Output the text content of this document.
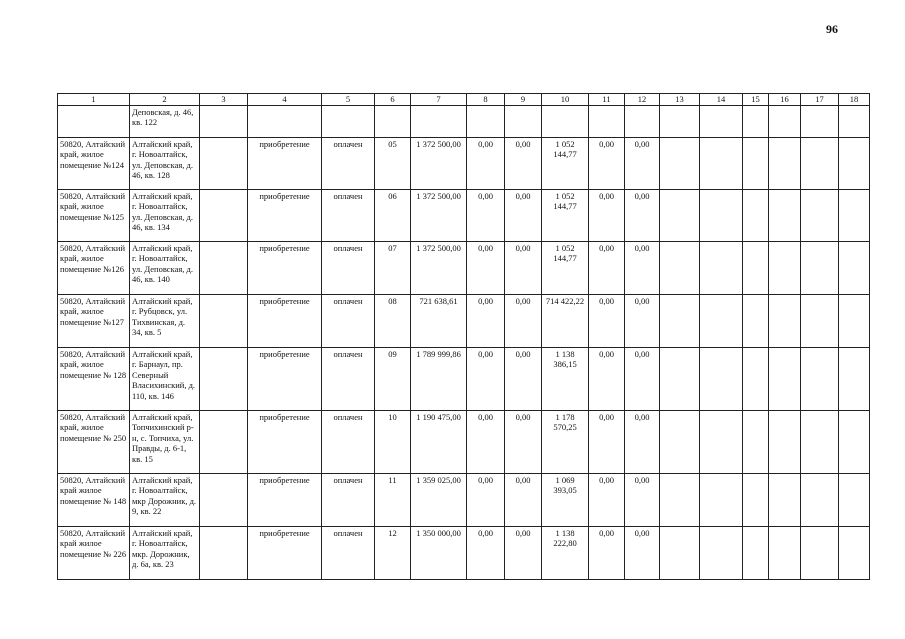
96
1	2	3	4	5	6	7	8	9	10	11	12	13	14	15	16	17	18
	Деповская, д. 46, кв. 122																
50820, Алтайский край, жилое помещение №124	Алтайский край, г. Новоалтайск, ул. Деповская, д. 46, кв. 128		приобретение	оплачен	05	1 372 500,00	0,00	0,00	1 052 144,77	0,00	0,00						
50820, Алтайский край, жилое помещение №125	Алтайский край, г. Новоалтайск, ул. Деповская, д. 46, кв. 134		приобретение	оплачен	06	1 372 500,00	0,00	0,00	1 052 144,77	0,00	0,00						
50820, Алтайский край, жилое помещение №126	Алтайский край, г. Новоалтайск, ул. Деповская, д. 46, кв. 140		приобретение	оплачен	07	1 372 500,00	0,00	0,00	1 052 144,77	0,00	0,00						
50820, Алтайский край, жилое помещение №127	Алтайский край, г. Рубцовск, ул. Тихвинская, д. 34, кв. 5		приобретение	оплачен	08	721 638,61	0,00	0,00	714 422,22	0,00	0,00						
50820, Алтайский край, жилое помещение № 128	Алтайский край, г. Барнаул, пр. Северный Власихинский, д. 110, кв. 146		приобретение	оплачен	09	1 789 999,86	0,00	0,00	1 138 386,15	0,00	0,00						
50820, Алтайский край, жилое помещение № 250	Алтайский край, Топчихинский р-н, с. Топчиха, ул. Правды, д. 6-1, кв. 15		приобретение	оплачен	10	1 190 475,00	0,00	0,00	1 178 570,25	0,00	0,00						
50820, Алтайский край жилое помещение № 148	Алтайский край, г. Новоалтайск, мкр Дорожник, д. 9, кв. 22		приобретение	оплачен	11	1 359 025,00	0,00	0,00	1 069 393,05	0,00	0,00						
50820, Алтайский край жилое помещение № 226	Алтайский край, г. Новоалтайск, мкр. Дорожник, д. 6а, кв. 23		приобретение	оплачен	12	1 350 000,00	0,00	0,00	1 138 222,80	0,00	0,00						
